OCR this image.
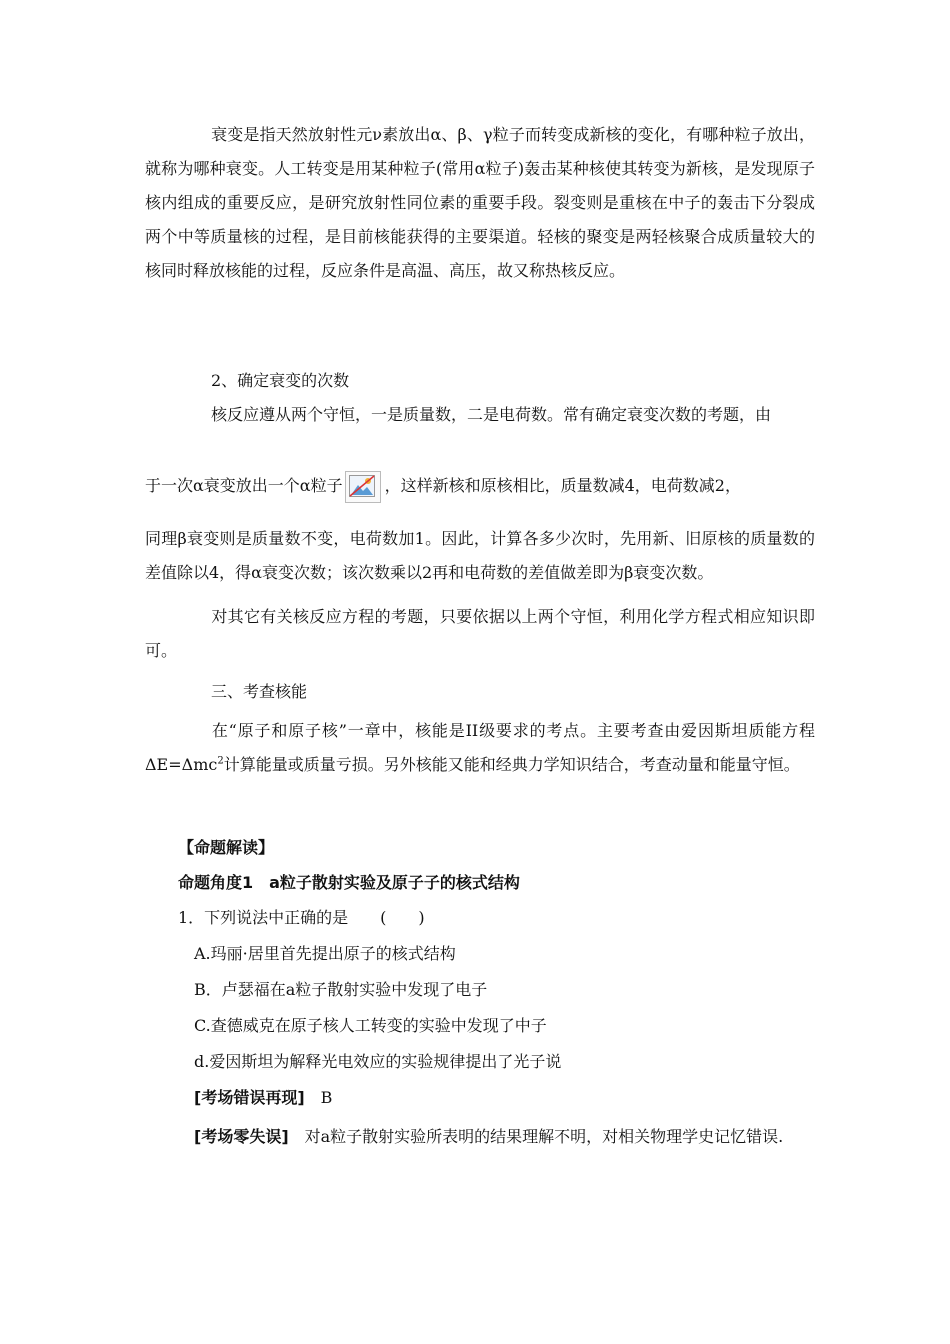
衰变是指天然放射性元ν素放出α、β、γ粒子而转变成新核的变化，有哪种粒子放出，就称为哪种衰变。人工转变是用某种粒子(常用α粒子)轰击某种核使其转变为新核，是发现原子核内组成的重要反应，是研究放射性同位素的重要手段。裂变则是重核在中子的轰击下分裂成两个中等质量核的过程，是目前核能获得的主要渠道。轻核的聚变是两轻核聚合成质量较大的核同时释放核能的过程，反应条件是高温、高压，故又称热核反应。

2、确定衰变的次数
核反应遵从两个守恒，一是质量数，二是电荷数。常有确定衰变次数的考题，由
于一次α衰变放出一个α粒子	，这样新核和原核相比，质量数减4，电荷数减2，

同理β衰变则是质量数不变，电荷数加1。因此，计算各多少次时，先用新、旧原核的质量数的差值除以4，得α衰变次数；该次数乘以2再和电荷数的差值做差即为β衰变次数。

对其它有关核反应方程的考题，只要依据以上两个守恒，利用化学方程式相应知识即可。

三、考查核能

在“原子和原子核”一章中，核能是II级要求的考点。主要考查由爱因斯坦质能方程ΔE=Δmc$^2$计算能量或质量亏损。另外核能又能和经典力学知识结合，考查动量和能量守恒。

【命题解读】
命题角度1　a粒子散射实验及原子子的核式结构
1．下列说法中正确的是　　(　　)
A.玛丽·居里首先提出原子的核式结构
B．卢瑟福在a粒子散射实验中发现了电子
C.查德威克在原子核人工转变的实验中发现了中子
d.爱因斯坦为解释光电效应的实验规律提出了光子说
[考场错误再现] B

[考场零失误] 对a粒子散射实验所表明的结果理解不明，对相关物理学史记忆错误.
